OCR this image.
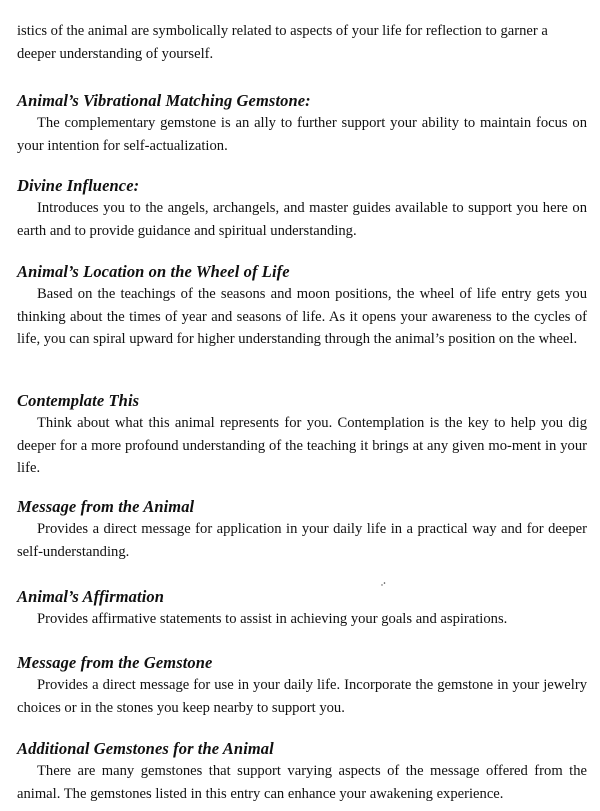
istics of the animal are symbolically related to aspects of your life for reflection to garner a deeper understanding of yourself.

Animal’s Vibrational Matching Gemstone:

The complementary gemstone is an ally to further support your ability to maintain focus on your intention for self-actualization.

Divine Influence:

Introduces you to the angels, archangels, and master guides available to support you here on earth and to provide guidance and spiritual understanding.

Animal’s Location on the Wheel of Life

Based on the teachings of the seasons and moon positions, the wheel of life entry gets you thinking about the times of year and seasons of life. As it opens your awareness to the cycles of life, you can spiral upward for higher understanding through the animal’s position on the wheel.

Contemplate This

Think about what this animal represents for you. Contemplation is the key to help you dig deeper for a more profound understanding of the teaching it brings at any given mo-ment in your life.

Message from the Animal

Provides a direct message for application in your daily life in a practical way and for deeper self-understanding.

Animal’s Affirmation

Provides affirmative statements to assist in achieving your goals and aspirations.

Message from the Gemstone

Provides a direct message for use in your daily life. Incorporate the gemstone in your jewelry choices or in the stones you keep nearby to support you.

Additional Gemstones for the Animal

There are many gemstones that support varying aspects of the message offered from the animal. The gemstones listed in this entry can enhance your awakening experience.
